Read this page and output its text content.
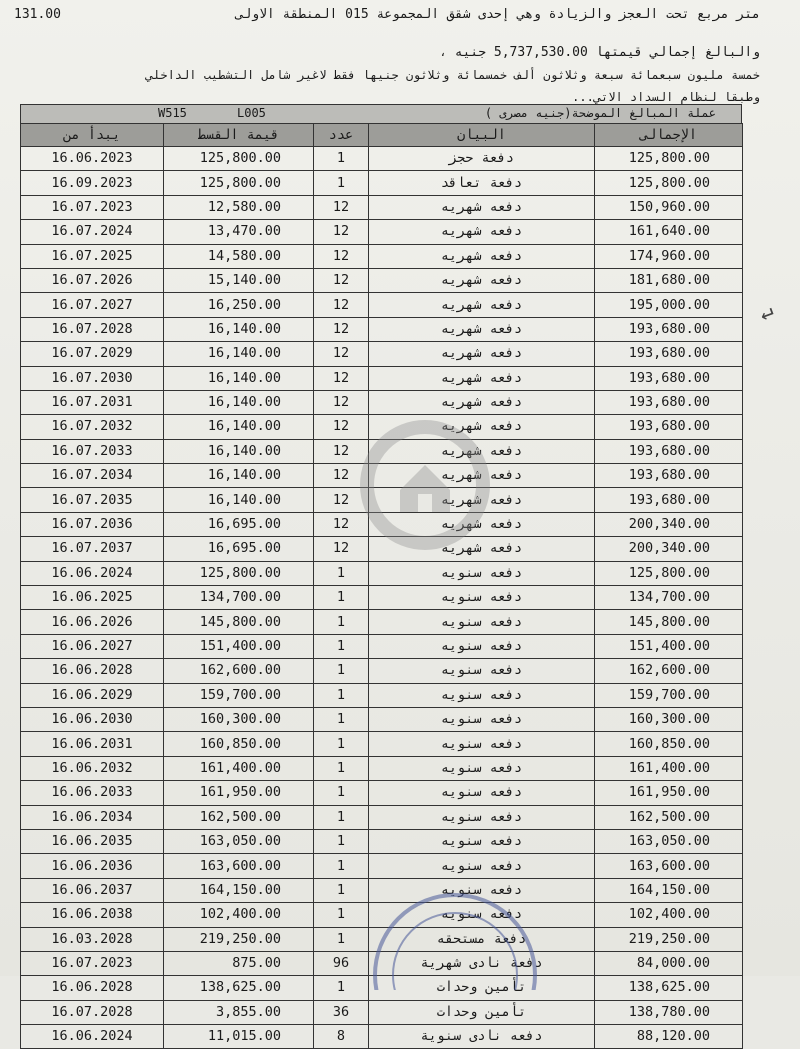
متر مربع تحت العجز والزيادة وهي إحدى شقق المجموعة 015 المنطقة الاولى
131.00
والبالغ إجمالي قيمتها 5,737,530.00 جنيه ،
خمسة مليون سبعمائة سبعة وثلاثون ألف خمسمائة وثلاثون جنيها فقط لاغير شامل التشطيب الداخلي
وطبقا لنظام السداد الاتي...
W515	L005	عملة المبالغ الموضحة(جنيه مصرى )
يبدأ من	قيمة القسط	عدد	البيان	الإجمالى
16.06.2023	125,800.00	1	دفعة حجز	125,800.00
16.09.2023	125,800.00	1	دفعة تعاقد	125,800.00
16.07.2023	12,580.00	12	دفعه شهريه	150,960.00
16.07.2024	13,470.00	12	دفعه شهريه	161,640.00
16.07.2025	14,580.00	12	دفعه شهريه	174,960.00
16.07.2026	15,140.00	12	دفعه شهريه	181,680.00
16.07.2027	16,250.00	12	دفعه شهريه	195,000.00
16.07.2028	16,140.00	12	دفعه شهريه	193,680.00
16.07.2029	16,140.00	12	دفعه شهريه	193,680.00
16.07.2030	16,140.00	12	دفعه شهريه	193,680.00
16.07.2031	16,140.00	12	دفعه شهريه	193,680.00
16.07.2032	16,140.00	12	دفعه شهريه	193,680.00
16.07.2033	16,140.00	12	دفعه شهريه	193,680.00
16.07.2034	16,140.00	12	دفعه شهريه	193,680.00
16.07.2035	16,140.00	12	دفعه شهريه	193,680.00
16.07.2036	16,695.00	12	دفعه شهريه	200,340.00
16.07.2037	16,695.00	12	دفعه شهريه	200,340.00
16.06.2024	125,800.00	1	دفعه سنويه	125,800.00
16.06.2025	134,700.00	1	دفعه سنويه	134,700.00
16.06.2026	145,800.00	1	دفعه سنويه	145,800.00
16.06.2027	151,400.00	1	دفعه سنويه	151,400.00
16.06.2028	162,600.00	1	دفعه سنويه	162,600.00
16.06.2029	159,700.00	1	دفعه سنويه	159,700.00
16.06.2030	160,300.00	1	دفعه سنويه	160,300.00
16.06.2031	160,850.00	1	دفعه سنويه	160,850.00
16.06.2032	161,400.00	1	دفعه سنويه	161,400.00
16.06.2033	161,950.00	1	دفعه سنويه	161,950.00
16.06.2034	162,500.00	1	دفعه سنويه	162,500.00
16.06.2035	163,050.00	1	دفعه سنويه	163,050.00
16.06.2036	163,600.00	1	دفعه سنويه	163,600.00
16.06.2037	164,150.00	1	دفعه سنويه	164,150.00
16.06.2038	102,400.00	1	دفعه سنويه	102,400.00
16.03.2028	219,250.00	1	دفعة مستحقه	219,250.00
16.07.2023	875.00	96	دفعة نادى شهرية	84,000.00
16.06.2028	138,625.00	1	تأمين وحدات	138,625.00
16.07.2028	3,855.00	36	تأمين وحدات	138,780.00
16.06.2024	11,015.00	8	دفعه نادى سنوية	88,120.00
↵
